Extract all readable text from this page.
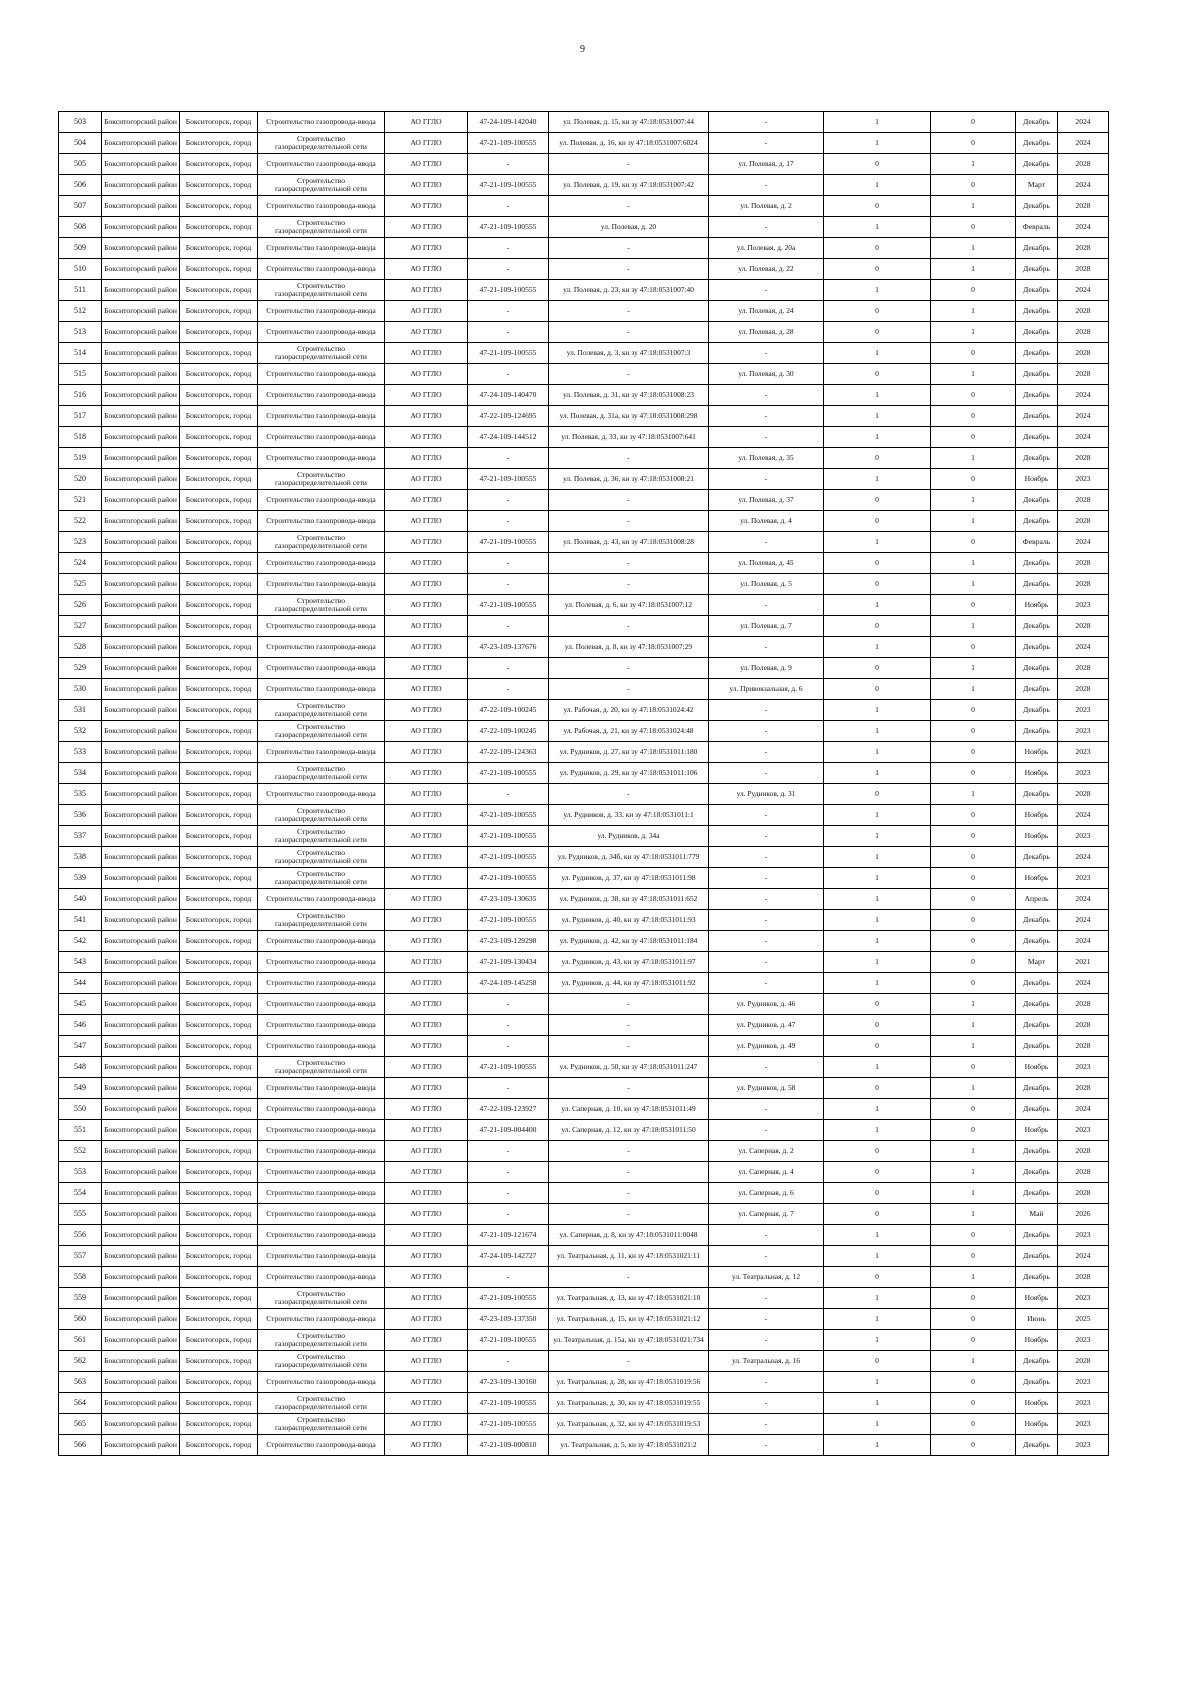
9
503	Бокситогорский район	Бокситогорск, город	Строительство газопровода-ввода	АО ГГЛО	47-24-109-142040	ул. Полевая, д. 15, кн зу 47:18:0531007:44	-	1	0	Декабрь	2024
504	Бокситогорский район	Бокситогорск, город	Строительство газораспределительной сети	АО ГГЛО	47-21-109-100555	ул. Полевая, д. 16, кн зу 47:18:0531007:6024	-	1	0	Декабрь	2024
505	Бокситогорский район	Бокситогорск, город	Строительство газопровода-ввода	АО ГГЛО	-	-	ул. Полевая, д. 17	0	1	Декабрь	2028
506	Бокситогорский район	Бокситогорск, город	Строительство газораспределительной сети	АО ГГЛО	47-21-109-100555	ул. Полевая, д. 19, кн зу 47:18:0531007:42	-	1	0	Март	2024
507	Бокситогорский район	Бокситогорск, город	Строительство газопровода-ввода	АО ГГЛО	-	-	ул. Полевая, д. 2	0	1	Декабрь	2028
508	Бокситогорский район	Бокситогорск, город	Строительство газораспределительной сети	АО ГГЛО	47-21-109-100555	ул. Полевая, д. 20	-	1	0	Февраль	2024
509	Бокситогорский район	Бокситогорск, город	Строительство газопровода-ввода	АО ГГЛО	-	-	ул. Полевая, д. 20а	0	1	Декабрь	2028
510	Бокситогорский район	Бокситогорск, город	Строительство газопровода-ввода	АО ГГЛО	-	-	ул. Полевая, д. 22	0	1	Декабрь	2028
511	Бокситогорский район	Бокситогорск, город	Строительство газораспределительной сети	АО ГГЛО	47-21-109-100555	ул. Полевая, д. 23, кн зу 47:18:0531007:40	-	1	0	Декабрь	2024
512	Бокситогорский район	Бокситогорск, город	Строительство газопровода-ввода	АО ГГЛО	-	-	ул. Полевая, д. 24	0	1	Декабрь	2028
513	Бокситогорский район	Бокситогорск, город	Строительство газопровода-ввода	АО ГГЛО	-	-	ул. Полевая, д. 28	0	1	Декабрь	2028
514	Бокситогорский район	Бокситогорск, город	Строительство газораспределительной сети	АО ГГЛО	47-21-109-100555	ул. Полевая, д. 3, кн зу 47:18:0531007:3	-	1	0	Декабрь	2028
515	Бокситогорский район	Бокситогорск, город	Строительство газопровода-ввода	АО ГГЛО	-	-	ул. Полевая, д. 30	0	1	Декабрь	2028
516	Бокситогорский район	Бокситогорск, город	Строительство газопровода-ввода	АО ГГЛО	47-24-109-140470	ул. Полевая, д. 31, кн зу 47:18:0531008:23	-	1	0	Декабрь	2024
517	Бокситогорский район	Бокситогорск, город	Строительство газопровода-ввода	АО ГГЛО	47-22-109-124695	ул. Полевая, д. 31а, кн зу 47:18:0531008:298	-	1	0	Декабрь	2024
518	Бокситогорский район	Бокситогорск, город	Строительство газопровода-ввода	АО ГГЛО	47-24-109-144512	ул. Полевая, д. 33, кн зу 47:18:0531007:641	-	1	0	Декабрь	2024
519	Бокситогорский район	Бокситогорск, город	Строительство газопровода-ввода	АО ГГЛО	-	-	ул. Полевая, д. 35	0	1	Декабрь	2028
520	Бокситогорский район	Бокситогорск, город	Строительство газораспределительной сети	АО ГГЛО	47-21-109-100555	ул. Полевая, д. 36, кн зу 47:18:0531008:21	-	1	0	Ноябрь	2023
521	Бокситогорский район	Бокситогорск, город	Строительство газопровода-ввода	АО ГГЛО	-	-	ул. Полевая, д. 37	0	1	Декабрь	2028
522	Бокситогорский район	Бокситогорск, город	Строительство газопровода-ввода	АО ГГЛО	-	-	ул. Полевая, д. 4	0	1	Декабрь	2028
523	Бокситогорский район	Бокситогорск, город	Строительство газораспределительной сети	АО ГГЛО	47-21-109-100555	ул. Полевая, д. 43, кн зу 47:18:0531008:28	-	1	0	Февраль	2024
524	Бокситогорский район	Бокситогорск, город	Строительство газопровода-ввода	АО ГГЛО	-	-	ул. Полевая, д. 45	0	1	Декабрь	2028
525	Бокситогорский район	Бокситогорск, город	Строительство газопровода-ввода	АО ГГЛО	-	-	ул. Полевая, д. 5	0	1	Декабрь	2028
526	Бокситогорский район	Бокситогорск, город	Строительство газораспределительной сети	АО ГГЛО	47-21-109-100555	ул. Полевая, д. 6, кн зу 47:18:0531007:12	-	1	0	Ноябрь	2023
527	Бокситогорский район	Бокситогорск, город	Строительство газопровода-ввода	АО ГГЛО	-	-	ул. Полевая, д. 7	0	1	Декабрь	2028
528	Бокситогорский район	Бокситогорск, город	Строительство газопровода-ввода	АО ГГЛО	47-23-109-137676	ул. Полевая, д. 8, кн зу 47:18:0531007:29	-	1	0	Декабрь	2024
529	Бокситогорский район	Бокситогорск, город	Строительство газопровода-ввода	АО ГГЛО	-	-	ул. Полевая, д. 9	0	1	Декабрь	2028
530	Бокситогорский район	Бокситогорск, город	Строительство газопровода-ввода	АО ГГЛО	-	-	ул. Привокзальная, д. 6	0	1	Декабрь	2028
531	Бокситогорский район	Бокситогорск, город	Строительство газораспределительной сети	АО ГГЛО	47-22-109-100245	ул. Рабочая, д. 20, кн зу 47:18:0531024:42	-	1	0	Декабрь	2023
532	Бокситогорский район	Бокситогорск, город	Строительство газораспределительной сети	АО ГГЛО	47-22-109-100245	ул. Рабочая, д. 21, кн зу 47:18:0531024:48	-	1	0	Декабрь	2023
533	Бокситогорский район	Бокситогорск, город	Строительство газопровода-ввода	АО ГГЛО	47-22-109-124363	ул. Рудников, д. 27, кн зу 47:18:0531011:180	-	1	0	Ноябрь	2023
534	Бокситогорский район	Бокситогорск, город	Строительство газораспределительной сети	АО ГГЛО	47-21-109-100555	ул. Рудников, д. 29, кн зу 47:18:0531011:106	-	1	0	Ноябрь	2023
535	Бокситогорский район	Бокситогорск, город	Строительство газопровода-ввода	АО ГГЛО	-	-	ул. Рудников, д. 31	0	1	Декабрь	2028
536	Бокситогорский район	Бокситогорск, город	Строительство газораспределительной сети	АО ГГЛО	47-21-109-100555	ул. Рудников, д. 33, кн зу 47:18:0531011:1	-	1	0	Ноябрь	2024
537	Бокситогорский район	Бокситогорск, город	Строительство газораспределительной сети	АО ГГЛО	47-21-109-100555	ул. Рудников, д. 34а	-	1	0	Ноябрь	2023
538	Бокситогорский район	Бокситогорск, город	Строительство газораспределительной сети	АО ГГЛО	47-21-109-100555	ул. Рудников, д. 34б, кн зу 47:18:0531011:779	-	1	0	Декабрь	2024
539	Бокситогорский район	Бокситогорск, город	Строительство газораспределительной сети	АО ГГЛО	47-21-109-100555	ул. Рудников, д. 37, кн зу 47:18:0531011:98	-	1	0	Ноябрь	2023
540	Бокситогорский район	Бокситогорск, город	Строительство газопровода-ввода	АО ГГЛО	47-23-109-130635	ул. Рудников, д. 38, кн зу 47:18:0531011:652	-	1	0	Апрель	2024
541	Бокситогорский район	Бокситогорск, город	Строительство газораспределительной сети	АО ГГЛО	47-21-109-100555	ул. Рудников, д. 40, кн зу 47:18:0531011:93	-	1	0	Декабрь	2024
542	Бокситогорский район	Бокситогорск, город	Строительство газопровода-ввода	АО ГГЛО	47-23-109-129298	ул. Рудников, д. 42, кн зу 47:18:0531011:184	-	1	0	Декабрь	2024
543	Бокситогорский район	Бокситогорск, город	Строительство газопровода-ввода	АО ГГЛО	47-21-109-130434	ул. Рудников, д. 43, кн зу 47:18:0531011:97	-	1	0	Март	2021
544	Бокситогорский район	Бокситогорск, город	Строительство газопровода-ввода	АО ГГЛО	47-24-109-145258	ул. Рудников, д. 44, кн зу 47:18:0531011:92	-	1	0	Декабрь	2024
545	Бокситогорский район	Бокситогорск, город	Строительство газопровода-ввода	АО ГГЛО	-	-	ул. Рудников, д. 46	0	1	Декабрь	2028
546	Бокситогорский район	Бокситогорск, город	Строительство газопровода-ввода	АО ГГЛО	-	-	ул. Рудников, д. 47	0	1	Декабрь	2028
547	Бокситогорский район	Бокситогорск, город	Строительство газопровода-ввода	АО ГГЛО	-	-	ул. Рудников, д. 49	0	1	Декабрь	2028
548	Бокситогорский район	Бокситогорск, город	Строительство газораспределительной сети	АО ГГЛО	47-21-109-100555	ул. Рудников, д. 50, кн зу 47:18:0531011:247	-	1	0	Ноябрь	2023
549	Бокситогорский район	Бокситогорск, город	Строительство газопровода-ввода	АО ГГЛО	-	-	ул. Рудников, д. 58	0	1	Декабрь	2028
550	Бокситогорский район	Бокситогорск, город	Строительство газопровода-ввода	АО ГГЛО	47-22-109-123927	ул. Саперная, д. 10, кн зу 47:18:0531011:49	-	1	0	Декабрь	2024
551	Бокситогорский район	Бокситогорск, город	Строительство газопровода-ввода	АО ГГЛО	47-21-109-004400	ул. Саперная, д. 12, кн зу 47:18:0531011:50	-	1	0	Ноябрь	2023
552	Бокситогорский район	Бокситогорск, город	Строительство газопровода-ввода	АО ГГЛО	-	-	ул. Саперная, д. 2	0	1	Декабрь	2028
553	Бокситогорский район	Бокситогорск, город	Строительство газопровода-ввода	АО ГГЛО	-	-	ул. Саперная, д. 4	0	1	Декабрь	2028
554	Бокситогорский район	Бокситогорск, город	Строительство газопровода-ввода	АО ГГЛО	-	-	ул. Саперная, д. 6	0	1	Декабрь	2028
555	Бокситогорский район	Бокситогорск, город	Строительство газопровода-ввода	АО ГГЛО	-	-	ул. Саперная, д. 7	0	1	Май	2026
556	Бокситогорский район	Бокситогорск, город	Строительство газопровода-ввода	АО ГГЛО	47-21-109-121674	ул. Саперная, д. 8, кн зу 47:18:0531011:0048	-	1	0	Декабрь	2023
557	Бокситогорский район	Бокситогорск, город	Строительство газопровода-ввода	АО ГГЛО	47-24-109-142727	ул. Театральная, д. 11, кн зу 47:18:0531021:11	-	1	0	Декабрь	2024
558	Бокситогорский район	Бокситогорск, город	Строительство газопровода-ввода	АО ГГЛО	-	-	ул. Театральная, д. 12	0	1	Декабрь	2028
559	Бокситогорский район	Бокситогорск, город	Строительство газораспределительной сети	АО ГГЛО	47-21-109-100555	ул. Театральная, д. 13, кн зу 47:18:0531021:10	-	1	0	Ноябрь	2023
560	Бокситогорский район	Бокситогорск, город	Строительство газопровода-ввода	АО ГГЛО	47-23-109-137350	ул. Театральная, д. 15, кн зу 47:18:0531021:12	-	1	0	Июнь	2025
561	Бокситогорский район	Бокситогорск, город	Строительство газораспределительной сети	АО ГГЛО	47-21-109-100555	ул. Театральная, д. 15а, кн зу 47:18:0531021:734	-	1	0	Ноябрь	2023
562	Бокситогорский район	Бокситогорск, город	Строительство газораспределительной сети	АО ГГЛО	-	-	ул. Театральная, д. 16	0	1	Декабрь	2028
563	Бокситогорский район	Бокситогорск, город	Строительство газопровода-ввода	АО ГГЛО	47-23-109-130160	ул. Театральная, д. 28, кн зу 47:18:0531019:56	-	1	0	Декабрь	2023
564	Бокситогорский район	Бокситогорск, город	Строительство газораспределительной сети	АО ГГЛО	47-21-109-100555	ул. Театральная, д. 30, кн зу 47:18:0531019:55	-	1	0	Ноябрь	2023
565	Бокситогорский район	Бокситогорск, город	Строительство газораспределительной сети	АО ГГЛО	47-21-109-100555	ул. Театральная, д. 32, кн зу 47:18:0531019:53	-	1	0	Ноябрь	2023
566	Бокситогорский район	Бокситогорск, город	Строительство газопровода-ввода	АО ГГЛО	47-21-109-000810	ул. Театральная, д. 5, кн зу 47:18:0531021:2	-	1	0	Декабрь	2023
